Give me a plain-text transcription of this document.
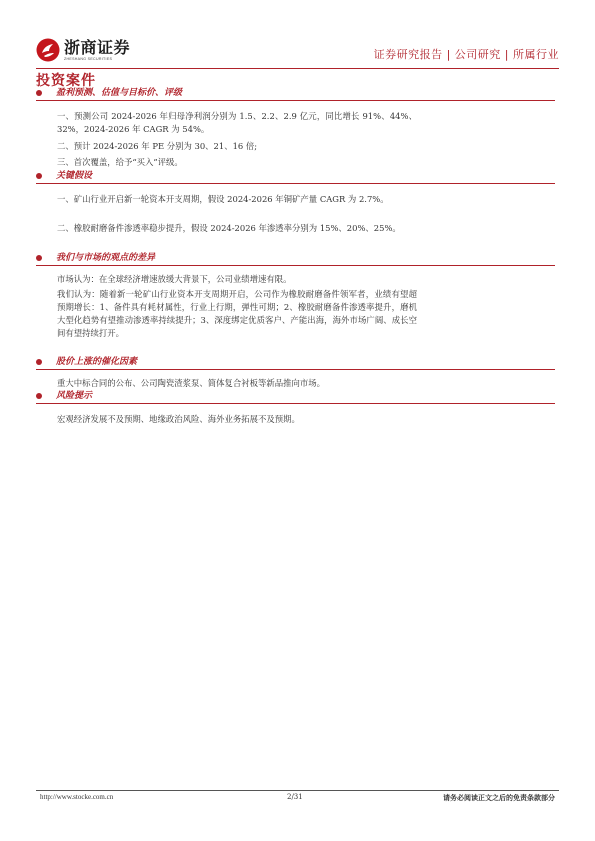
浙商证券
ZHESHANG SECURITIES	证券研究报告 | 公司研究 | 所属行业
投资案件
盈利预测、估值与目标价、评级
一、预测公司 2024-2026 年归母净利润分别为 1.5、2.2、2.9 亿元，同比增长 91%、44%、32%，2024-2026 年 CAGR 为 54%。
二、预计 2024-2026 年 PE 分别为 30、21、16 倍;
三、首次覆盖，给予“买入”评级。
关键假设
一、矿山行业开启新一轮资本开支周期，假设 2024-2026 年铜矿产量 CAGR 为 2.7%。
二、橡胶耐磨备件渗透率稳步提升，假设 2024-2026 年渗透率分别为 15%、20%、25%。
我们与市场的观点的差异
市场认为：在全球经济增速放缓大背景下，公司业绩增速有限。
我们认为：随着新一轮矿山行业资本开支周期开启，公司作为橡胶耐磨备件领军者，业绩有望超预期增长：1、备件具有耗材属性，行业上行期，弹性可期；2、橡胶耐磨备件渗透率提升，磨机大型化趋势有望推动渗透率持续提升；3、深度绑定优质客户、产能出海，海外市场广阔、成长空间有望持续打开。
股价上涨的催化因素
重大中标合同的公布、公司陶瓷渣浆泵、简体复合衬板等新品推向市场。
风险提示
宏观经济发展不及预期、地缘政治风险、海外业务拓展不及预期。
http://www.stocke.com.cn	2/31	请务必阅读正文之后的免责条款部分
